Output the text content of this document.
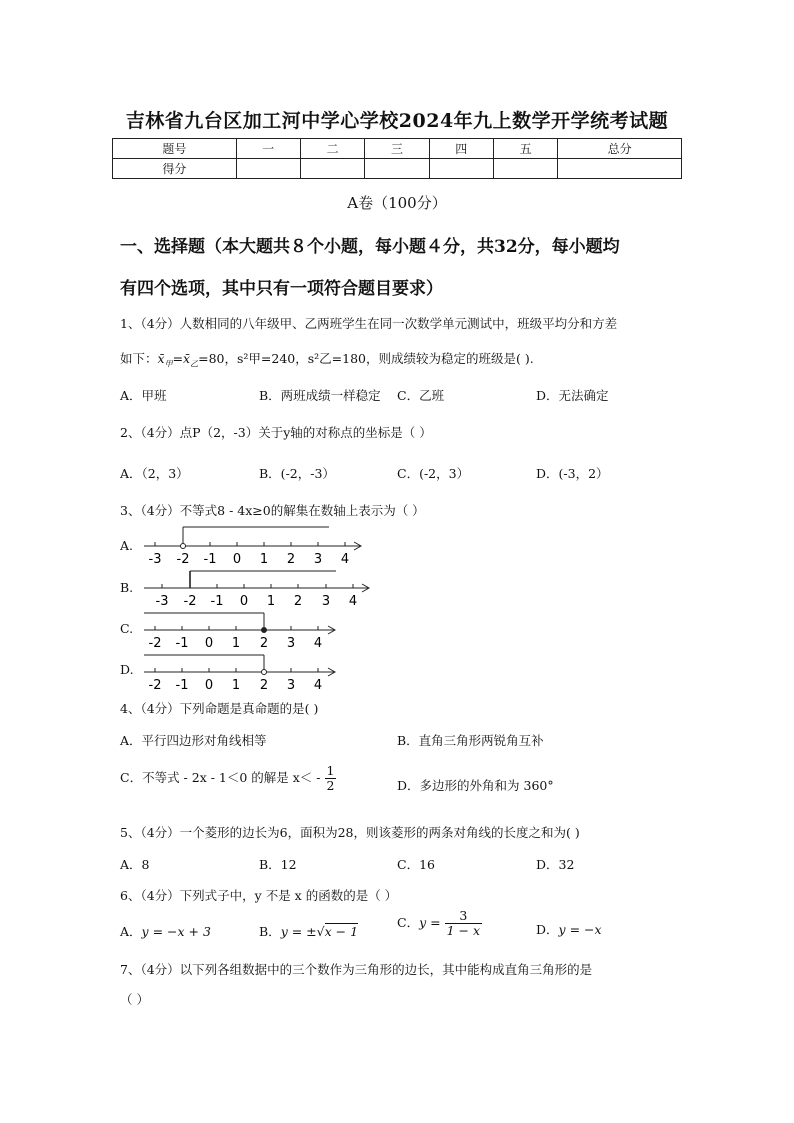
吉林省九台区加工河中学心学校2024年九上数学开学统考试题
题号	一	二	三	四	五	总分
得分						
A卷（100分）
一、选择题（本大题共８个小题，每小题４分，共32分，每小题均
有四个选项，其中只有一项符合题目要求）
1、（4分）人数相同的八年级甲、乙两班学生在同一次数学单元测试中，班级平均分和方差
如下：$x̄_甲=x̄_乙=80$，s²甲=240，s²乙=180，则成绩较为稳定的班级是( ).
A．甲班	B．两班成绩一样稳定 C．乙班	D．无法确定
2、（4分）点P（2，-3）关于y轴的对称点的坐标是（ ）
A．（2，3）	B．(-2，-3）	C．(-2，3）	D．(-3，2）
3、（4分）不等式8 - 4x≥0的解集在数轴上表示为（ ）
A.
B.
C.
D.
-3 -2 -1 0 1 2 3 4
-3 -2 -1 0 1 2 3 4
-2 -1 0 1 2 3 4
-2 -1 0 1 2 3 4
4、（4分）下列命题是真命题的是( )
A．平行四边形对角线相等	B．直角三角形两锐角互补
C．不等式 - 2x - 1＜0 的解是 $x< - \frac{1}{2}$	D．多边形的外角和为 360°
5、（4分）一个菱形的边长为6，面积为28，则该菱形的两条对角线的长度之和为( )
A．8	B．12	C．16	D．32
6、（4分）下列式子中，y 不是 x 的函数的是（ ）
A．y = −x + 3	B．y = ±√x − 1
C．$y = \frac{3}{1 - x}$	D．y = −x
7、（4分）以下列各组数据中的三个数作为三角形的边长，其中能构成直角三角形的是
（ ）
